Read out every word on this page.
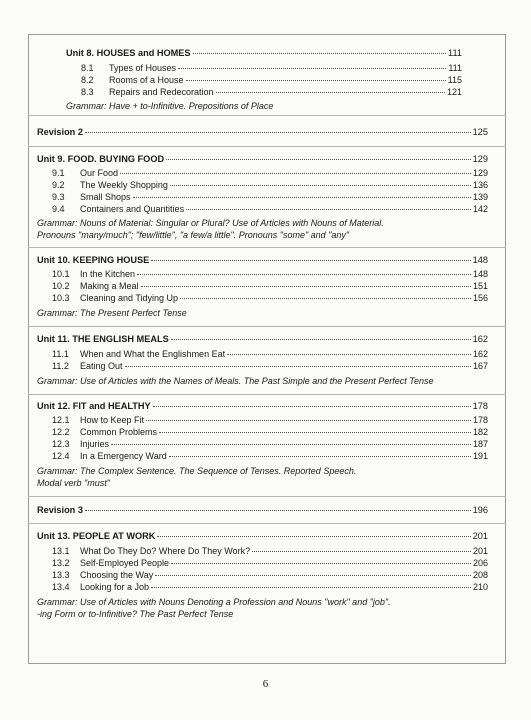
Unit 8. HOUSES and HOMES	111
8.1	Types of Houses	111
8.2	Rooms of a House	115
8.3	Repairs and Redecoration	121
Grammar: Have + to-Infinitive. Prepositions of Place
Revision 2	125
Unit 9. FOOD. BUYING FOOD	129
9.1	Our Food	129
9.2	The Weekly Shopping	136
9.3	Small Shops	139
9.4	Containers and Quantities	142
Grammar: Nouns of Material: Singular or Plural? Use of Articles with Nouns of Material.
Pronouns "many/much"; "few/little", "a few/a little". Pronouns "some" and "any"
Unit 10. KEEPING HOUSE	148
10.1	In the Kitchen	148
10.2	Making a Meal	151
10.3	Cleaning and Tidying Up	156
Grammar: The Present Perfect Tense
Unit 11. THE ENGLISH MEALS	162
11.1	When and What the Englishmen Eat	162
11.2	Eating Out	167
Grammar: Use of Articles with the Names of Meals. The Past Simple and the Present Perfect Tense
Unit 12. FIT and HEALTHY	178
12.1	How to Keep Fit	178
12.2	Common Problems	182
12.3	Injuries	187
12.4	In a Emergency Ward	191
Grammar: The Complex Sentence. The Sequence of Tenses. Reported Speech.
Modal verb "must"
Revision 3	196
Unit 13. PEOPLE AT WORK	201
13.1	What Do They Do? Where Do They Work?	201
13.2	Self-Employed People	206
13.3	Choosing the Way	208
13.4	Looking for a Job	210
Grammar: Use of Articles with Nouns Denoting a Profession and Nouns "work" and "job".
-ing Form or to-Infinitive? The Past Perfect Tense
6
